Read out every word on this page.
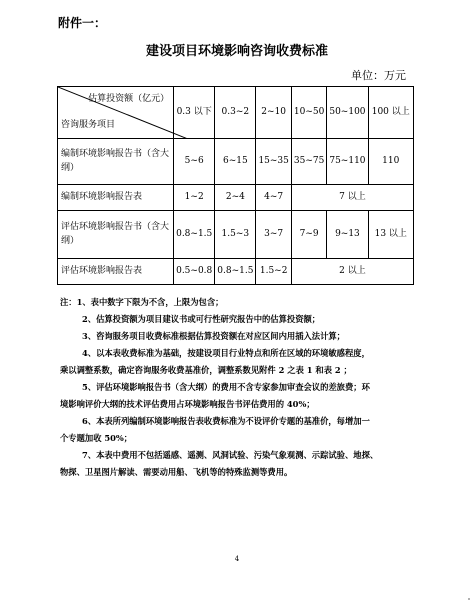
附件一：
建设项目环境影响咨询收费标准
单位：万元
估算投资额（亿元）
咨询服务项目	0.3 以下	0.3~2	2~10	10~50	50~100	100 以上
编制环境影响报告书（含大纲）	5~6	6~15	15~35	35~75	75~110	110
编制环境影响报告表	1~2	2~4	4~7	7 以上		
评估环境影响报告书（含大纲）	0.8~1.5	1.5~3	3~7	7~9	9~13	13 以上
评估环境影响报告表	0.5~0.8	0.8~1.5	1.5~2	2 以上		

注：1、表中数字下限为不含，上限为包含；

2、估算投资额为项目建议书或可行性研究报告中的估算投资额；

3、咨询服务项目收费标准根据估算投资额在对应区间内用插入法计算；

4、以本表收费标准为基础，按建设项目行业特点和所在区域的环境敏感程度，

乘以调整系数，确定咨询服务收费基准价，调整系数见附件 2 之表 1 和表 2 ；

5、评估环境影响报告书（含大纲）的费用不含专家参加审查会议的差旅费；环

境影响评价大纲的技术评估费用占环境影响报告书评估费用的 40%；

6、本表所列编制环境影响报告表收费标准为不设评价专题的基准价，每增加一

个专题加收 50%；

7、本表中费用不包括遥感、遥测、风洞试验、污染气象观测、示踪试验、地探、

物探、卫星图片解读、需要动用船、飞机等的特殊监测等费用。

4
